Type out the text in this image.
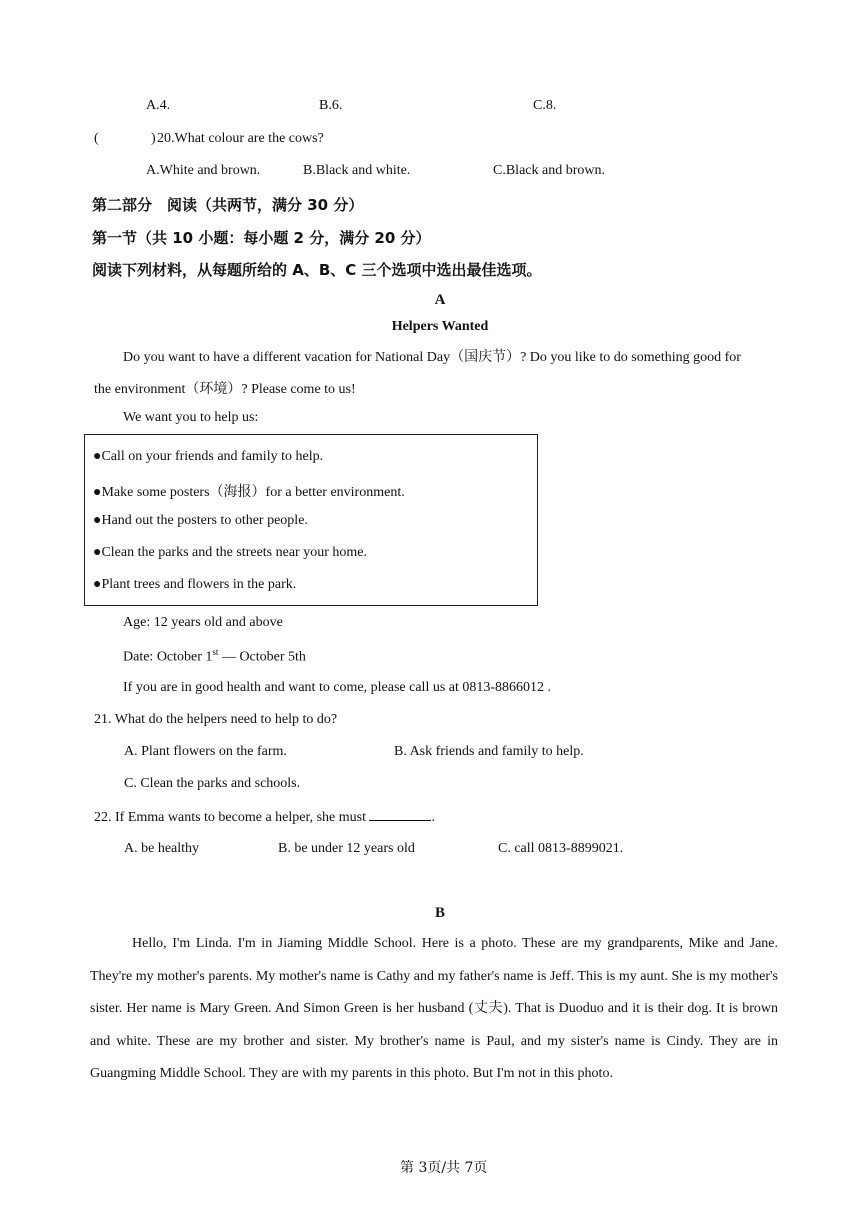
A.4.	B.6.	C.8.
(	) 20.What colour are the cows?
A.White and brown.	B.Black and white.	C.Black and brown.
第二部分　阅读（共两节，满分 30 分）
第一节（共 10 小题：每小题 2 分，满分 20 分）
阅读下列材料，从每题所给的 A、B、C 三个选项中选出最佳选项。
A
Helpers Wanted
Do you want to have a different vacation for National Day（国庆节）? Do you like to do something good for
the environment（环境）? Please come to us!
We want you to help us:
●Call on your friends and family to help.
●Make some posters（海报）for a better environment.
●Hand out the posters to other people.
●Clean the parks and the streets near your home.
●Plant trees and flowers in the park.
Age: 12 years old and above
Date: October 1st — October 5th
If you are in good health and want to come, please call us at 0813-8866012 .
21. What do the helpers need to help to do?
A. Plant flowers on the farm.	B. Ask friends and family to help.
C. Clean the parks and schools.
22. If Emma wants to become a helper, she must	.
A. be healthy	B. be under 12 years old	C. call 0813-8899021.
B
Hello, I'm Linda. I'm in Jiaming Middle School. Here is a photo. These are my grandparents, Mike and Jane. They're my mother's parents. My mother's name is Cathy and my father's name is Jeff. This is my aunt. She is my mother's sister. Her name is Mary Green. And Simon Green is her husband (丈夫). That is Duoduo and it is their dog. It is brown and white. These are my brother and sister. My brother's name is Paul, and my sister's name is Cindy. They are in Guangming Middle School. They are with my parents in this photo. But I'm not in this photo.
第 3页/共 7页
